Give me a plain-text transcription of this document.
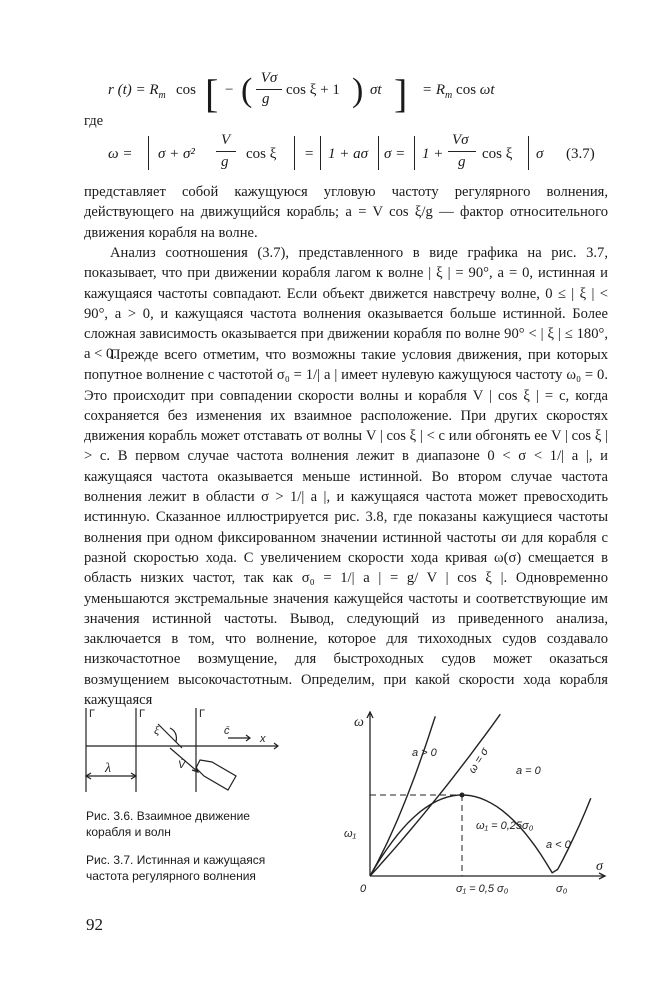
r $(t) = R_m$ cos [ − ( Vσ
g
cos ξ + 1 ) σt ] = $R_m$ cos ωt
где
ω = σ + σ²
V
g cos ξ = 1 + aσ σ = 1 +
Vσ
g cos ξ σ (3.7)
представляет собой кажущуюся угловую частоту регулярного волнения, действующего на движущийся корабль; a = V cos ξ/g — фактор относительного движения корабля на волне.
Анализ соотношения (3.7), представленного в виде графика на рис. 3.7, показывает, что при движении корабля лагом к волне | ξ | = 90°, a = 0, истинная и кажущаяся частоты совпадают. Если объект движется навстречу волне, 0 ≤ | ξ | < 90°, a > 0, и кажущаяся частота волнения оказывается больше истинной. Более сложная зависимость оказывается при движении корабля по волне 90° < | ξ | ≤ 180°, a < 0.
Прежде всего отметим, что возможны такие условия движения, при которых попутное волнение с частотой σ₀ = 1/| a | имеет нулевую кажущуюся частоту ω₀ = 0. Это происходит при совпадении скорости волны и корабля V | cos ξ | = c, когда сохраняется без изменения их взаимное расположение. При других скоростях движения корабль может отставать от волны V | cos ξ | < c или обгонять ее V | cos ξ | > c. В первом случае частота волнения лежит в диапазоне 0 < σ < 1/| a |, и кажущаяся частота оказывается меньше истинной. Во втором случае частота волнения лежит в области σ > 1/| a |, и кажущаяся частота может превосходить истинную. Сказанное иллюстрируется рис. 3.8, где показаны кажущиеся частоты волнения при одном фиксированном значении истинной частоты σи для корабля с разной скоростью хода. С увеличением скорости хода кривая ω(σ) смещается в область низких частот, так как σ₀ = 1/| a | = g/ V | cos ξ |. Одновременно уменьшаются экстремальные значения кажущейся частоты и соответствующие им значения истинной частоты. Вывод, следующий из приведенного анализа, заключается в том, что волнение, которое для тихоходных судов создавало низкочастотное возмущение, для быстроходных судов может оказаться возмущением высокочастотным. Определим, при какой скорости хода корабля кажущаяся
Г	Г	Г
ξ	c̄
x
V̄
λ
Рис. 3.6. Взаимное движение корабля и волн
Рис. 3.7. Истинная и кажущаяся частота регулярного волнения
ω
σ
0
a > 0	ω = σ a = 0
ω₁
ω₁ = 0,25σ₀
a < 0
σ₁ = 0,5 σ₀	σ₀
92
